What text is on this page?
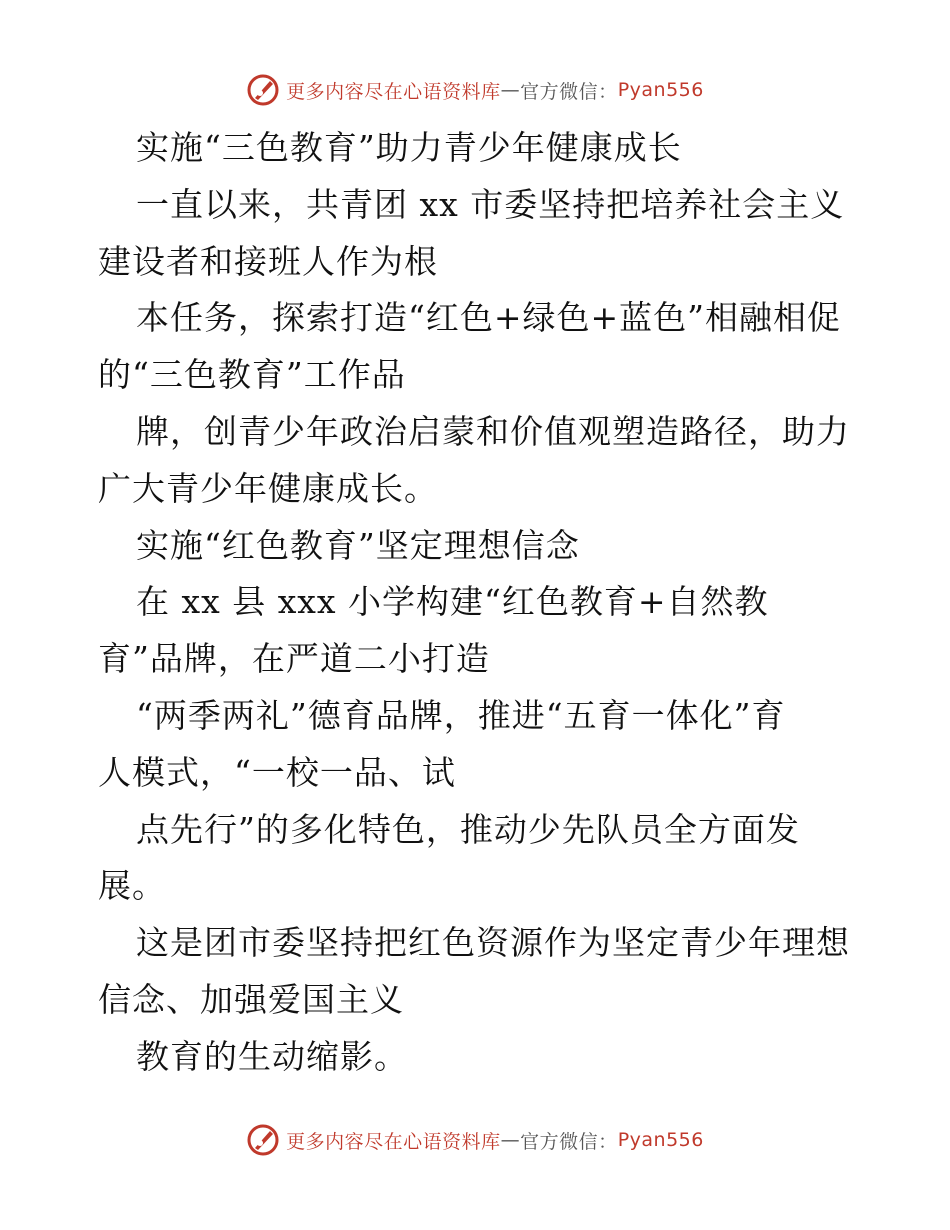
更多内容尽在心语资料库 — 官方微信： Pyan556
实施“三色教育”助力青少年健康成长
一直以来，共青团 xx 市委坚持把培养社会主义
建设者和接班人作为根
本任务，探索打造“红色+绿色+蓝色”相融相促
的“三色教育”工作品
牌，创青少年政治启蒙和价值观塑造路径，助力
广大青少年健康成长。
实施“红色教育”坚定理想信念
在 xx 县 xxx 小学构建“红色教育+自然教
育”品牌，在严道二小打造
“两季两礼”德育品牌，推进“五育一体化”育
人模式，“一校一品、试
点先行”的多化特色，推动少先队员全方面发
展。
这是团市委坚持把红色资源作为坚定青少年理想
信念、加强爱国主义
教育的生动缩影。
更多内容尽在心语资料库 — 官方微信： Pyan556
